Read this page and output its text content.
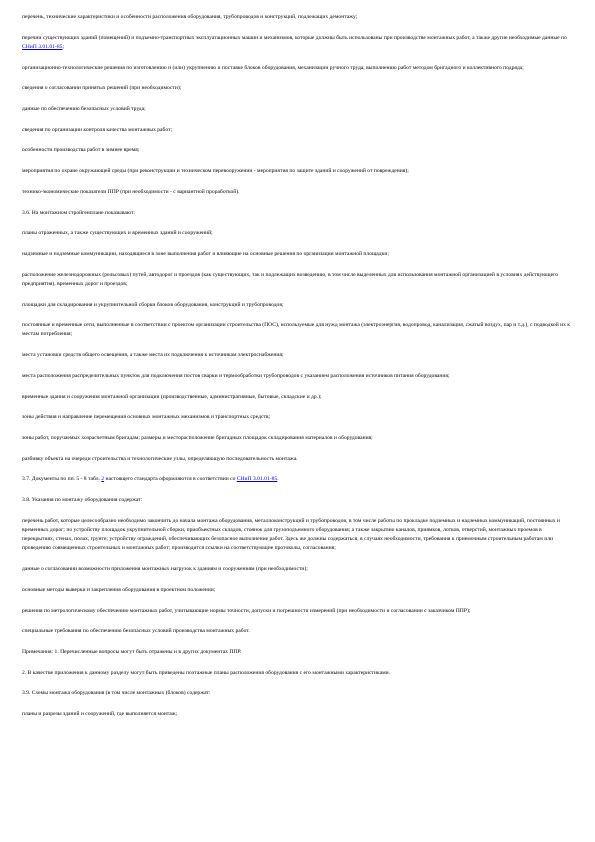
перечень, технические характеристики и особенности расположения оборудования, трубопроводов и конструкций, подлежащих демонтажу;

перечни существующих зданий (помещений) и подъемно-транспортных эксплуатационных машин и механизмов, которые должны быть использованы при производстве монтажных работ, а также другие необходимые данные по СНиП 3.01.01-85;

организационно-технологические решения по изготовлению и (или) укрупнению и поставке блоков оборудования, механизации ручного труда, выполнению работ методом бригадного и коллективного подряда;

сведения о согласовании принятых решений (при необходимости);

данные по обеспечению безопасных условий труда;

сведения по организации контроля качества монтажных работ;

особенности производства работ в зимнее время;

мероприятия по охране окружающей среды (при реконструкции и техническом перевооружении - мероприятия по защите зданий и сооружений от повреждения);

технико-экономические показатели ППР (при необходимости - с вариантной проработкой).

3.6. На монтажном стройгенплане показывают:

планы отраженных, а также существующих и временных зданий и сооружений;

надземные и подземные коммуникации, находящиеся в зоне выполнения работ и влияющие на основные решения по организации монтажной площадки;

расположение железнодорожных (рельсовых) путей, автодорог и проездов (как существующих, так и подлежащих возведению, в том числе выделенных для использования монтажной организацией в условиях действующего предприятия), временных дорог и проездов;

площадки для складирования и укрупнительной сборки блоков оборудования, конструкций и трубопроводов;

постоянные и временные сети, выполненные в соответствии с проектом организации строительства (ПОС), используемые для нужд монтажа (электроэнергия, водопровод, канализация, сжатый воздух, пар и т.д.), с подводкой их к местам потребления;

места установки средств общего освещения, а также места их подключения к источникам электроснабжения;

места расположения распределительных пунктов для подключения постов сварки и термообработки трубопроводов с указанием расположения источников питания оборудования;

временные здания и сооружения монтажной организации (производственные, административные, бытовые, складские и др.);

зоны действия и направление перемещения основных монтажных механизмов и транспортных средств;

зоны работ, поручаемых хозрасчетным бригадам; размеры и месторасположение бригадных площадок складирования материалов и оборудования;

разбивку объекта на очереди строительства и технологические узлы, определяющую последовательность монтажа.

3.7. Документы по пп. 5 - 8 табл. 2 настоящего стандарта оформляются в соответствии со СНиП 3.01.01-85.

3.8. Указания по монтажу оборудования содержат:

перечень работ, которые целесообразно необходимо закончить до начала монтажа оборудования, металлоконструкций и трубопроводов, в том числе работы по прокладке подземных и надземных коммуникаций, постоянных и временных дорог; по устройству площадок укрупнительной сборки, приобъектных складов, стоянок для грузоподъемного оборудования; а также закрытию каналов, приямков, лотков, отверстий, монтажных проемов в перекрытиях, стенах, полах, грунте; устройству ограждений, обеспечивающих безопасное выполнение работ. Здесь же должны содержаться, в случаях необходимости, требования к приемочным строительным работам или проведению совмещенных строительных и монтажных работ; производится ссылки на соответствующие протоколы, согласования;

данные о согласовании возможности приложения монтажных нагрузок к зданиям и сооружениям (при необходимости);

основные методы выверки и закрепления оборудования в проектном положении;

решения по метрологическому обеспечению монтажных работ, учитывающие нормы точности, допуски и погрешности измерений (при необходимости и согласовании с заказчиком ППР);

специальные требования по обеспечению безопасных условий производства монтажных работ.

Примечания: 1. Перечисленные вопросы могут быть отражены и в других документах ППР.

2. В качестве приложения к данному разделу могут быть приведены поэтажные планы расположения оборудования с его монтажными характеристиками.

3.9. Схемы монтажа оборудования (в том числе монтажных (блоков) содержат:

планы и разрезы зданий и сооружений, где выполняется монтаж;
